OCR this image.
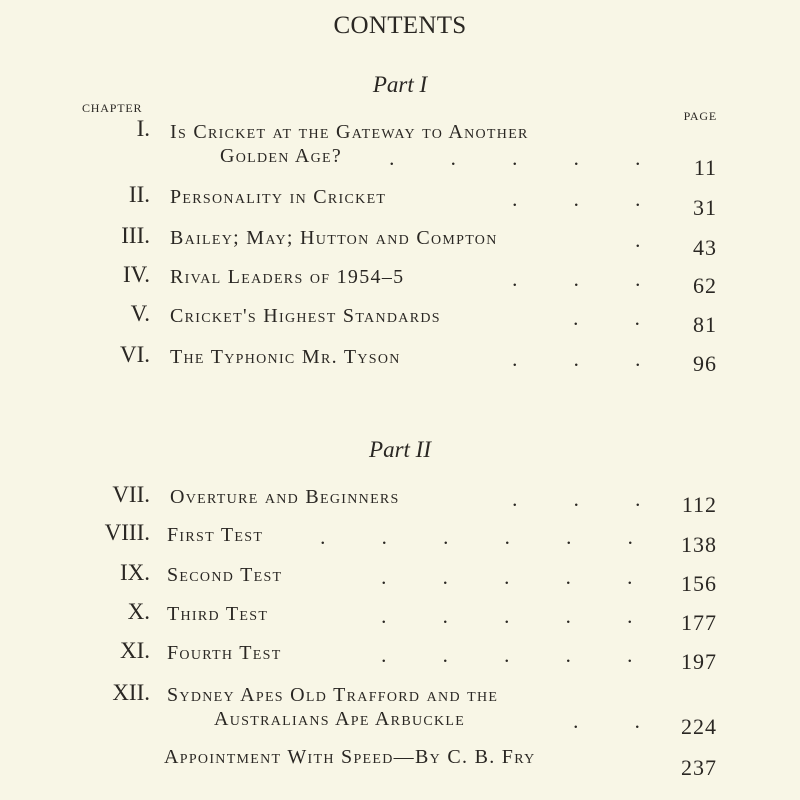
CONTENTS
Part I
CHAPTER
PAGE
I. Is Cricket at the Gateway to Another
Golden Age?	.	.	.	.	.	11
II. Personality in Cricket	.	.	.	31
III. Bailey; May; Hutton and Compton	.	43
IV. Rival Leaders of 1954–5	.	.	.	62
V. Cricket's Highest Standards	.	.	81
VI. The Typhonic Mr. Tyson	.	.	.	96
Part II
VII. Overture and Beginners	.	.	.	112
VIII. First Test	.	.	.	.	.	.	138
IX. Second Test	.	.	.	.	.	156
X. Third Test	.	.	.	.	.	177
XI. Fourth Test	.	.	.	.	.	197
XII. Sydney Apes Old Trafford and the
Australians Ape Arbuckle	.	.	224
Appointment With Speed—By C. B. Fry	237
